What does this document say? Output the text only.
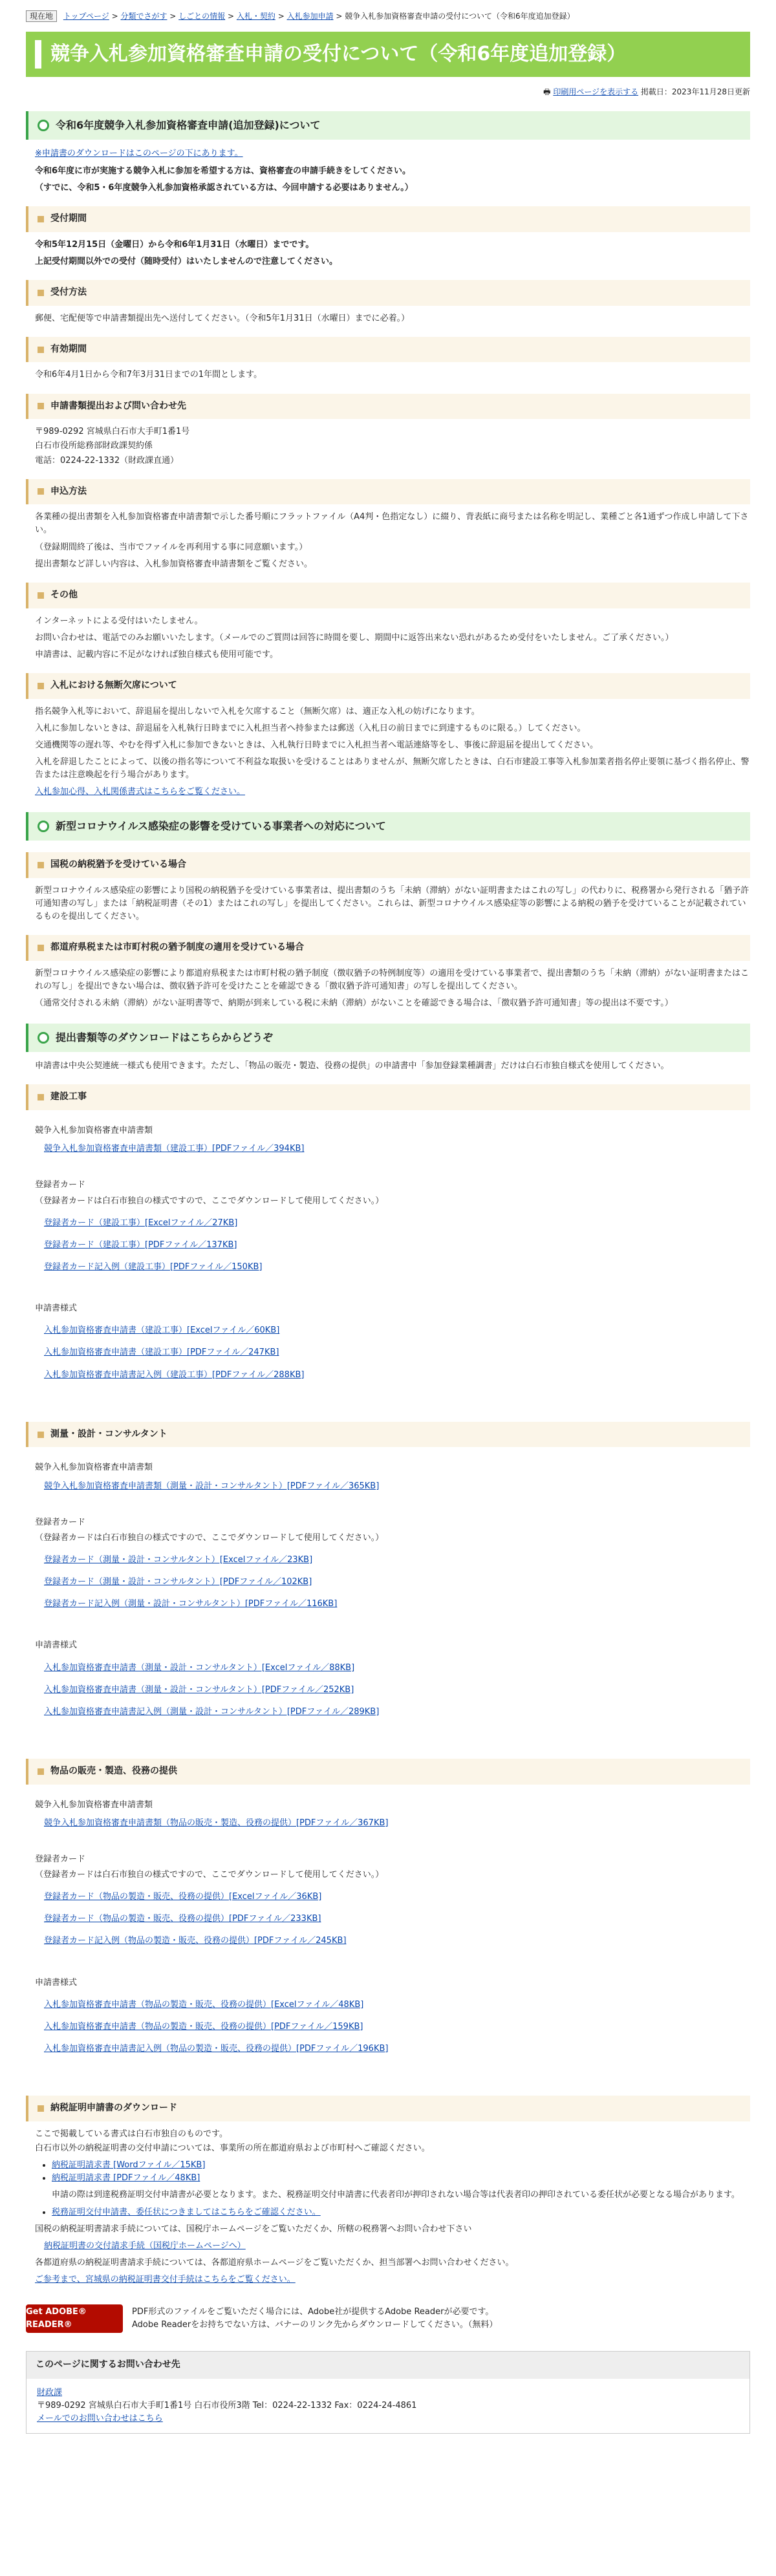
現在地 トップページ > 分類でさがす > しごとの情報 > 入札・契約 > 入札参加申請 > 競争入札参加資格審査申請の受付について（令和6年度追加登録）
競争入札参加資格審査申請の受付について（令和6年度追加登録）
🖶 印刷用ページを表示する 掲載日：2023年11月28日更新
令和6年度競争入札参加資格審査申請(追加登録)について
※申請書のダウンロードはこのページの下にあります。

令和6年度に市が実施する競争入札に参加を希望する方は、資格審査の申請手続きをしてください。

（すでに、令和5・6年度競争入札参加資格承認されている方は、今回申請する必要はありません。）

受付期間

令和5年12月15日（金曜日）から令和6年1月31日（水曜日）までです。

上記受付期間以外での受付（随時受付）はいたしませんので注意してください。

受付方法

郵便、宅配便等で申請書類提出先へ送付してください。（令和5年1月31日（水曜日）までに必着。）

有効期間

令和6年4月1日から令和7年3月31日までの1年間とします。

申請書類提出および問い合わせ先

〒989-0292 宮城県白石市大手町1番1号

白石市役所総務部財政課契約係

電話：0224-22-1332（財政課直通）

申込方法

各業種の提出書類を入札参加資格審査申請書類で示した番号順にフラットファイル（A4判・色指定なし）に綴り、背表紙に商号または名称を明記し、業種ごと各1通ずつ作成し申請して下さい。

（登録期間終了後は、当市でファイルを再利用する事に同意願います。）

提出書類など詳しい内容は、入札参加資格審査申請書類をご覧ください。

その他

インターネットによる受付はいたしません。

お問い合わせは、電話でのみお願いいたします。（メールでのご質問は回答に時間を要し、期間中に返答出来ない恐れがあるため受付をいたしません。ご了承ください。）

申請書は、記載内容に不足がなければ独自様式も使用可能です。

入札における無断欠席について

指名競争入札等において、辞退届を提出しないで入札を欠席すること（無断欠席）は、適正な入札の妨げになります。

入札に参加しないときは、辞退届を入札執行日時までに入札担当者へ持参または郵送（入札日の前日までに到達するものに限る。）してください。

交通機関等の遅れ等、やむを得ず入札に参加できないときは、入札執行日時までに入札担当者へ電話連絡等をし、事後に辞退届を提出してください。

入札を辞退したことによって、以後の指名等について不利益な取扱いを受けることはありませんが、無断欠席したときは、白石市建設工事等入札参加業者指名停止要領に基づく指名停止、警告または注意喚起を行う場合があります。

入札参加心得、入札関係書式はこちらをご覧ください。
新型コロナウイルス感染症の影響を受けている事業者への対応について
国税の納税猶予を受けている場合

新型コロナウイルス感染症の影響により国税の納税猶予を受けている事業者は、提出書類のうち「未納（滞納）がない証明書またはこれの写し」の代わりに、税務署から発行される「猶予許可通知書の写し」または「納税証明書（その1）またはこれの写し」を提出してください。これらは、新型コロナウイルス感染症等の影響による納税の猶予を受けていることが記載されているものを提出してください。

都道府県税または市町村税の猶予制度の適用を受けている場合

新型コロナウイルス感染症の影響により都道府県税または市町村税の猶予制度（徴収猶予の特例制度等）の適用を受けている事業者で、提出書類のうち「未納（滞納）がない証明書またはこれの写し」を提出できない場合は、徴収猶予許可を受けたことを確認できる「徴収猶予許可通知書」の写しを提出してください。

（通常交付される未納（滞納）がない証明書等で、納期が到来している税に未納（滞納）がないことを確認できる場合は、「徴収猶予許可通知書」等の提出は不要です。）

提出書類等のダウンロードはこちらからどうぞ

申請書は中央公契連統一様式も使用できます。ただし、「物品の販売・製造、役務の提供」の申請書中「参加登録業種調書」だけは白石市独自様式を使用してください。

建設工事
競争入札参加資格審査申請書類
競争入札参加資格審査申請書類（建設工事）[PDFファイル／394KB]
登録者カード
（登録者カードは白石市独自の様式ですので、ここでダウンロードして使用してください。）
登録者カード（建設工事）[Excelファイル／27KB]
登録者カード（建設工事）[PDFファイル／137KB]
登録者カード記入例（建設工事）[PDFファイル／150KB]
申請書様式
入札参加資格審査申請書（建設工事）[Excelファイル／60KB]
入札参加資格審査申請書（建設工事）[PDFファイル／247KB]
入札参加資格審査申請書記入例（建設工事）[PDFファイル／288KB]
測量・設計・コンサルタント
競争入札参加資格審査申請書類
競争入札参加資格審査申請書類（測量・設計・コンサルタント）[PDFファイル／365KB]
登録者カード
（登録者カードは白石市独自の様式ですので、ここでダウンロードして使用してください。）
登録者カード（測量・設計・コンサルタント）[Excelファイル／23KB]
登録者カード（測量・設計・コンサルタント）[PDFファイル／102KB]
登録者カード記入例（測量・設計・コンサルタント）[PDFファイル／116KB]
申請書様式
入札参加資格審査申請書（測量・設計・コンサルタント）[Excelファイル／88KB]
入札参加資格審査申請書（測量・設計・コンサルタント）[PDFファイル／252KB]
入札参加資格審査申請書記入例（測量・設計・コンサルタント）[PDFファイル／289KB]
物品の販売・製造、役務の提供
競争入札参加資格審査申請書類
競争入札参加資格審査申請書類（物品の販売・製造、役務の提供）[PDFファイル／367KB]
登録者カード
（登録者カードは白石市独自の様式ですので、ここでダウンロードして使用してください。）
登録者カード（物品の製造・販売、役務の提供）[Excelファイル／36KB]
登録者カード（物品の製造・販売、役務の提供）[PDFファイル／233KB]
登録者カード記入例（物品の製造・販売、役務の提供）[PDFファイル／245KB]
申請書様式
入札参加資格審査申請書（物品の製造・販売、役務の提供）[Excelファイル／48KB]
入札参加資格審査申請書（物品の製造・販売、役務の提供）[PDFファイル／159KB]
入札参加資格審査申請書記入例（物品の製造・販売、役務の提供）[PDFファイル／196KB]
納税証明申請書のダウンロード

ここで掲載している書式は白石市独自のものです。

白石市以外の納税証明書の交付申請については、事業所の所在都道府県および市町村へご確認ください。

• 納税証明請求書 [Wordファイル／15KB]
• 納税証明請求書 [PDFファイル／48KB]

申請の際は到達税務証明交付申請書が必要となります。また、税務証明交付申請書に代表者印が押印されない場合等は代表者印の押印されている委任状が必要となる場合があります。

• 税務証明交付申請書、委任状につきましてはこちらをご確認ください。

国税の納税証明書請求手続については、国税庁ホームページをご覧いただくか、所轄の税務署へお問い合わせ下さい

納税証明書の交付請求手続（国税庁ホームページへ）

各都道府県の納税証明書請求手続については、各都道府県ホームページをご覧いただくか、担当部署へお問い合わせください。

ご参考まで、宮城県の納税証明書交付手続はこちらをご覧ください。
Get ADOBE® READER®
PDF形式のファイルをご覧いただく場合には、Adobe社が提供するAdobe Readerが必要です。
Adobe Readerをお持ちでない方は、バナーのリンク先からダウンロードしてください。（無料）
このページに関するお問い合わせ先
財政課
〒989-0292 宮城県白石市大手町1番1号 白石市役所3階 Tel：0224-22-1332 Fax：0224-24-4861
メールでのお問い合わせはこちら
